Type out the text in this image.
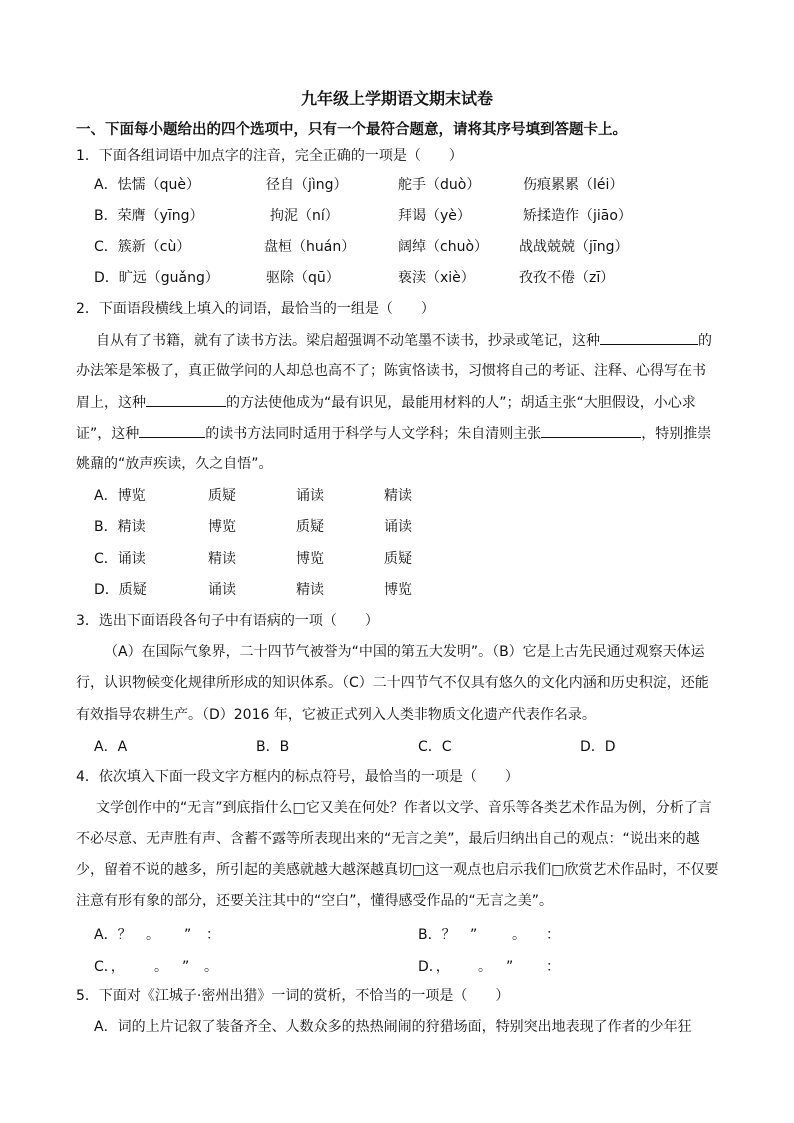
九年级上学期语文期末试卷
一、下面每小题给出的四个选项中，只有一个最符合题意，请将其序号填到答题卡上。
1．下面各组词语中加点字的注音，完全正确的一项是（　　）
A．怯懦（què）	径自（jìng）	舵手（duò）	伤痕累累（léi）
B．荣膺（yīng）	拘泥（ní）	拜谒（yè）	矫揉造作（jiāo）
C．簇新（cù）	盘桓（huán）	阔绰（chuò） 战战兢兢（jīng）
D．旷远（guǎng）	驱除（qū）	亵渎（xiè）	孜孜不倦（zī）
2．下面语段横线上填入的词语，最恰当的一组是（　　）
自从有了书籍，就有了读书方法。梁启超强调不动笔墨不读书，抄录或笔记，这种	的
办法笨是笨极了，真正做学问的人却总也高不了；陈寅恪读书，习惯将自己的考证、注释、心得写在书
眉上，这种	的方法使他成为“最有识见，最能用材料的人”；胡适主张“大胆假设，小心求
证”，这种	的读书方法同时适用于科学与人文学科；朱自清则主张	，特别推崇
姚鼐的“放声疾读，久之自悟”。
A．博览	质疑	诵读	精读
B．精读	博览	质疑	诵读
C．诵读	精读	博览	质疑
D．质疑	诵读	精读	博览
3．选出下面语段各句子中有语病的一项（　　）
（A）在国际气象界，二十四节气被誉为“中国的第五大发明”。（B）它是上古先民通过观察天体运
行，认识物候变化规律所形成的知识体系。（C）二十四节气不仅具有悠久的文化内涵和历史积淀，还能
有效指导农耕生产。（D）2016 年，它被正式列入人类非物质文化遗产代表作名录。
A．A	B．B	C．C	D．D
4．依次填入下面一段文字方框内的标点符号，最恰当的一项是（　　）
文学创作中的“无言”到底指什么□它又美在何处？作者以文学、音乐等各类艺术作品为例，分析了言
不必尽意、无声胜有声、含蓄不露等所表现出来的“无言之美”，最后归纳出自己的观点：“说出来的越
少，留着不说的越多，所引起的美感就越大越深越真切□这一观点也启示我们□欣赏艺术作品时，不仅要
注意有形有象的部分，还要关注其中的“空白”，懂得感受作品的“无言之美”。
A．？ 。 ” ：	B．？ ” 。 ：
C．， 。 ” 。	D．， 。 ” ：
5．下面对《江城子·密州出猎》一词的赏析，不恰当的一项是（　　）
A．词的上片记叙了装备齐全、人数众多的热热闹闹的狩猎场面，特别突出地表现了作者的少年狂
